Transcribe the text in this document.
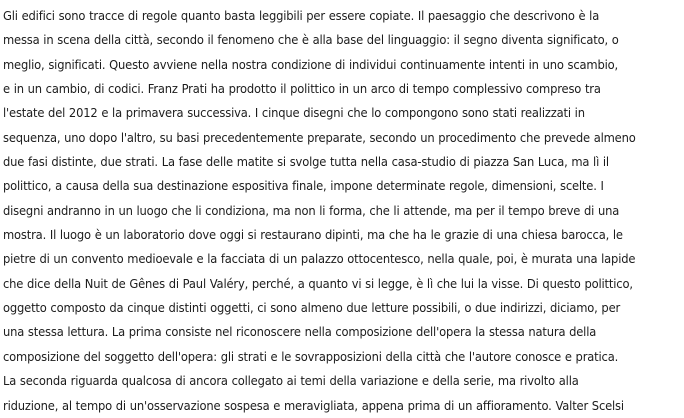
Gli edifici sono tracce di regole quanto basta leggibili per essere copiate. Il paesaggio che descrivono è la
messa in scena della città, secondo il fenomeno che è alla base del linguaggio: il segno diventa significato, o
meglio, significati. Questo avviene nella nostra condizione di individui continuamente intenti in uno scambio,
e in un cambio, di codici. Franz Prati ha prodotto il polittico in un arco di tempo complessivo compreso tra
l'estate del 2012 e la primavera successiva. I cinque disegni che lo compongono sono stati realizzati in
sequenza, uno dopo l'altro, su basi precedentemente preparate, secondo un procedimento che prevede almeno
due fasi distinte, due strati. La fase delle matite si svolge tutta nella casa-studio di piazza San Luca, ma lì il
polittico, a causa della sua destinazione espositiva finale, impone determinate regole, dimensioni, scelte. I
disegni andranno in un luogo che li condiziona, ma non li forma, che li attende, ma per il tempo breve di una
mostra. Il luogo è un laboratorio dove oggi si restaurano dipinti, ma che ha le grazie di una chiesa barocca, le
pietre di un convento medioevale e la facciata di un palazzo ottocentesco, nella quale, poi, è murata una lapide
che dice della Nuit de Gênes di Paul Valéry, perché, a quanto vi si legge, è lì che lui la visse. Di questo polittico,
oggetto composto da cinque distinti oggetti, ci sono almeno due letture possibili, o due indirizzi, diciamo, per
una stessa lettura. La prima consiste nel riconoscere nella composizione dell'opera la stessa natura della
composizione del soggetto dell'opera: gli strati e le sovrapposizioni della città che l'autore conosce e pratica.
La seconda riguarda qualcosa di ancora collegato ai temi della variazione e della serie, ma rivolto alla
riduzione, al tempo di un'osservazione sospesa e meravigliata, appena prima di un affioramento. Valter Scelsi
